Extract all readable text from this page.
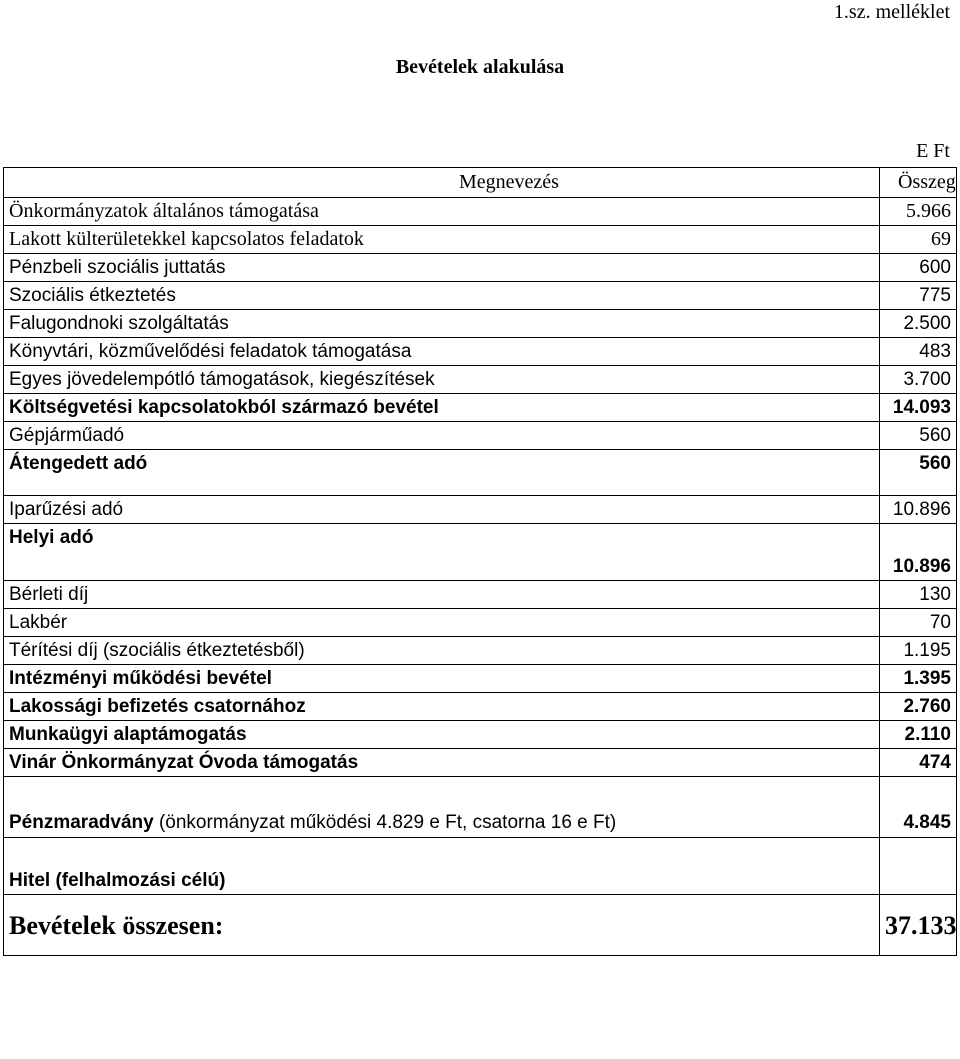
1.sz. melléklet
Bevételek alakulása
E Ft
Megnevezés	Összeg
Önkormányzatok általános támogatása	5.966
Lakott külterületekkel kapcsolatos feladatok	69
Pénzbeli szociális juttatás	600
Szociális étkeztetés	775
Falugondnoki szolgáltatás	2.500
Könyvtári, közművelődési feladatok támogatása	483
Egyes jövedelempótló támogatások, kiegészítések	3.700
Költségvetési kapcsolatokból származó bevétel	14.093
Gépjárműadó	560
Átengedett adó	560
Iparűzési adó	10.896
Helyi adó	10.896
Bérleti díj	130
Lakbér	70
Térítési díj (szociális étkeztetésből)	1.195
Intézményi működési bevétel	1.395
Lakossági befizetés csatornához	2.760
Munkaügyi alaptámogatás	2.110
Vinár Önkormányzat Óvoda támogatás	474
Pénzmaradvány (önkormányzat működési 4.829 e Ft, csatorna 16 e Ft)	4.845
Hitel (felhalmozási célú)	
Bevételek összesen:	37.133
